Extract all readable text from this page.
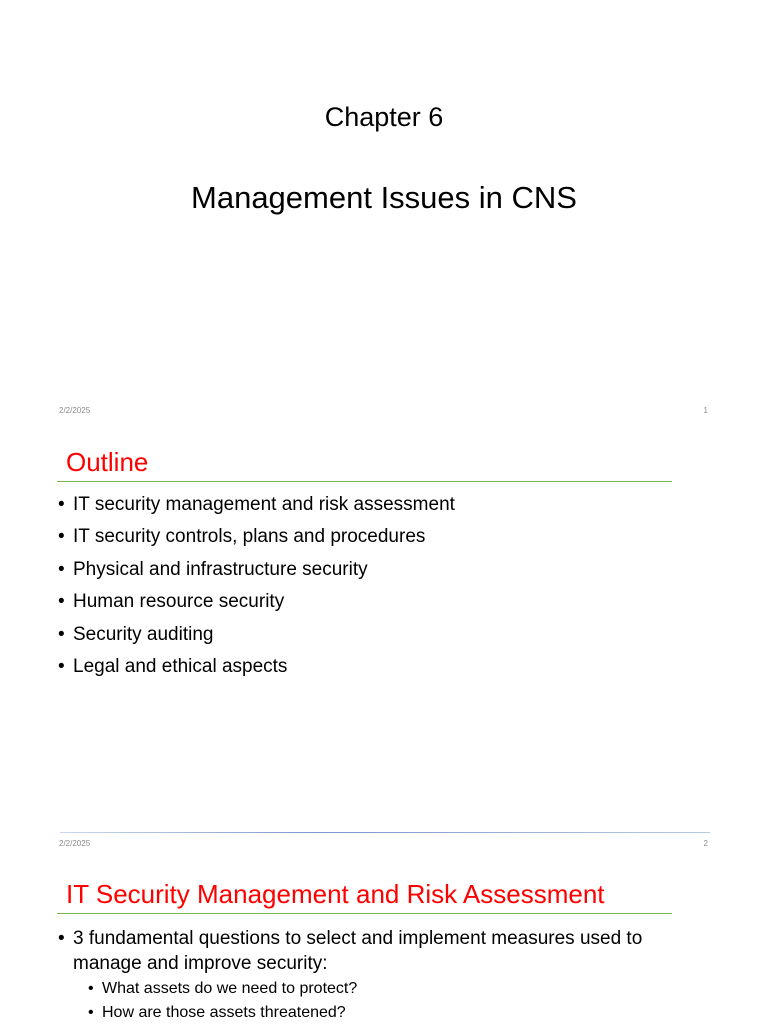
Chapter 6
Management Issues in CNS
2/2/2025	1
Outline
• IT security management and risk assessment
• IT security controls, plans and procedures
• Physical and infrastructure security
• Human resource security
• Security auditing
• Legal and ethical aspects
2/2/2025	2
IT Security Management and Risk Assessment
• 3 fundamental questions to select and implement measures used to manage and improve security:
• What assets do we need to protect?
• How are those assets threatened?
